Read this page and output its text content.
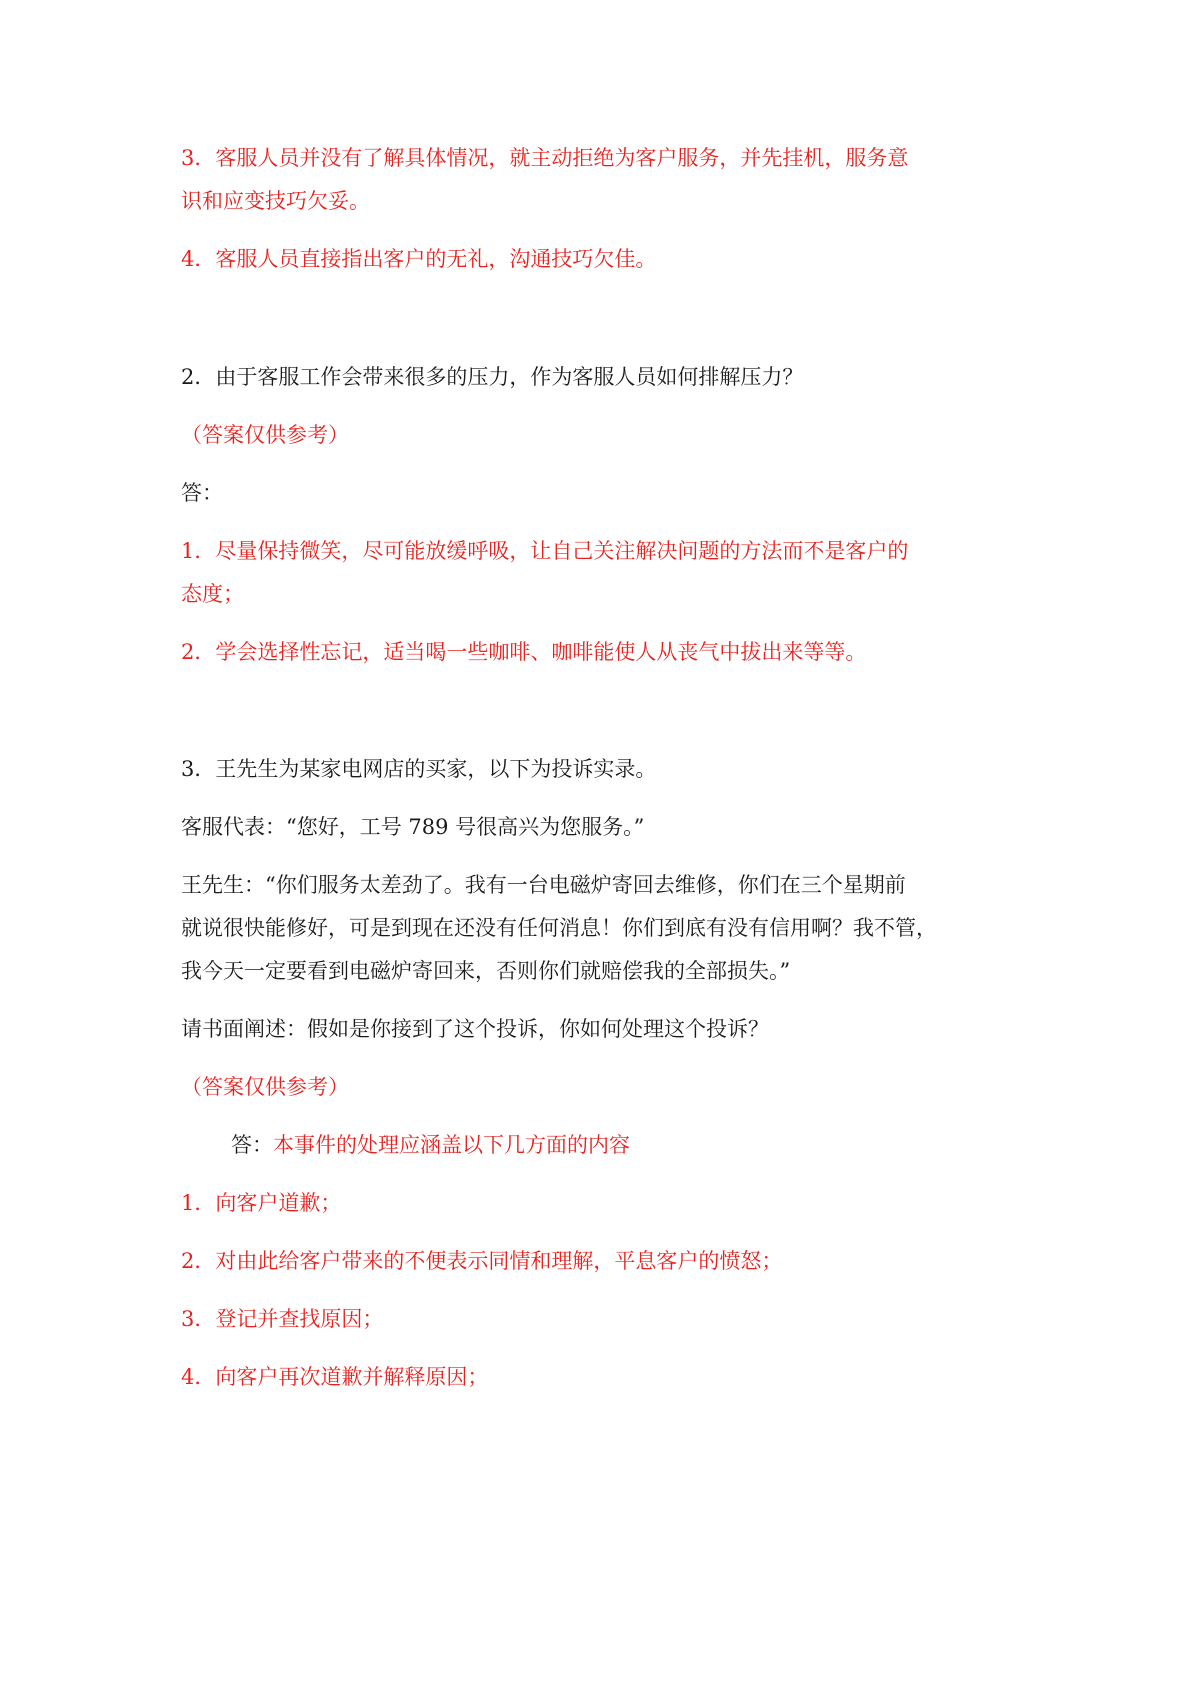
3．客服人员并没有了解具体情况，就主动拒绝为客户服务，并先挂机，服务意
识和应变技巧欠妥。
4．客服人员直接指出客户的无礼，沟通技巧欠佳。
2．由于客服工作会带来很多的压力，作为客服人员如何排解压力？
（答案仅供参考）
答：
1．尽量保持微笑，尽可能放缓呼吸，让自己关注解决问题的方法而不是客户的
态度；
2．学会选择性忘记，适当喝一些咖啡、咖啡能使人从丧气中拔出来等等。
3．王先生为某家电网店的买家，以下为投诉实录。
客服代表：“您好，工号 789 号很高兴为您服务。”
王先生：“你们服务太差劲了。我有一台电磁炉寄回去维修，你们在三个星期前
就说很快能修好，可是到现在还没有任何消息！你们到底有没有信用啊？我不管，
我今天一定要看到电磁炉寄回来，否则你们就赔偿我的全部损失。”
请书面阐述：假如是你接到了这个投诉，你如何处理这个投诉？
（答案仅供参考）
答：本事件的处理应涵盖以下几方面的内容
1．向客户道歉；
2．对由此给客户带来的不便表示同情和理解，平息客户的愤怒；
3．登记并查找原因；
4．向客户再次道歉并解释原因；
